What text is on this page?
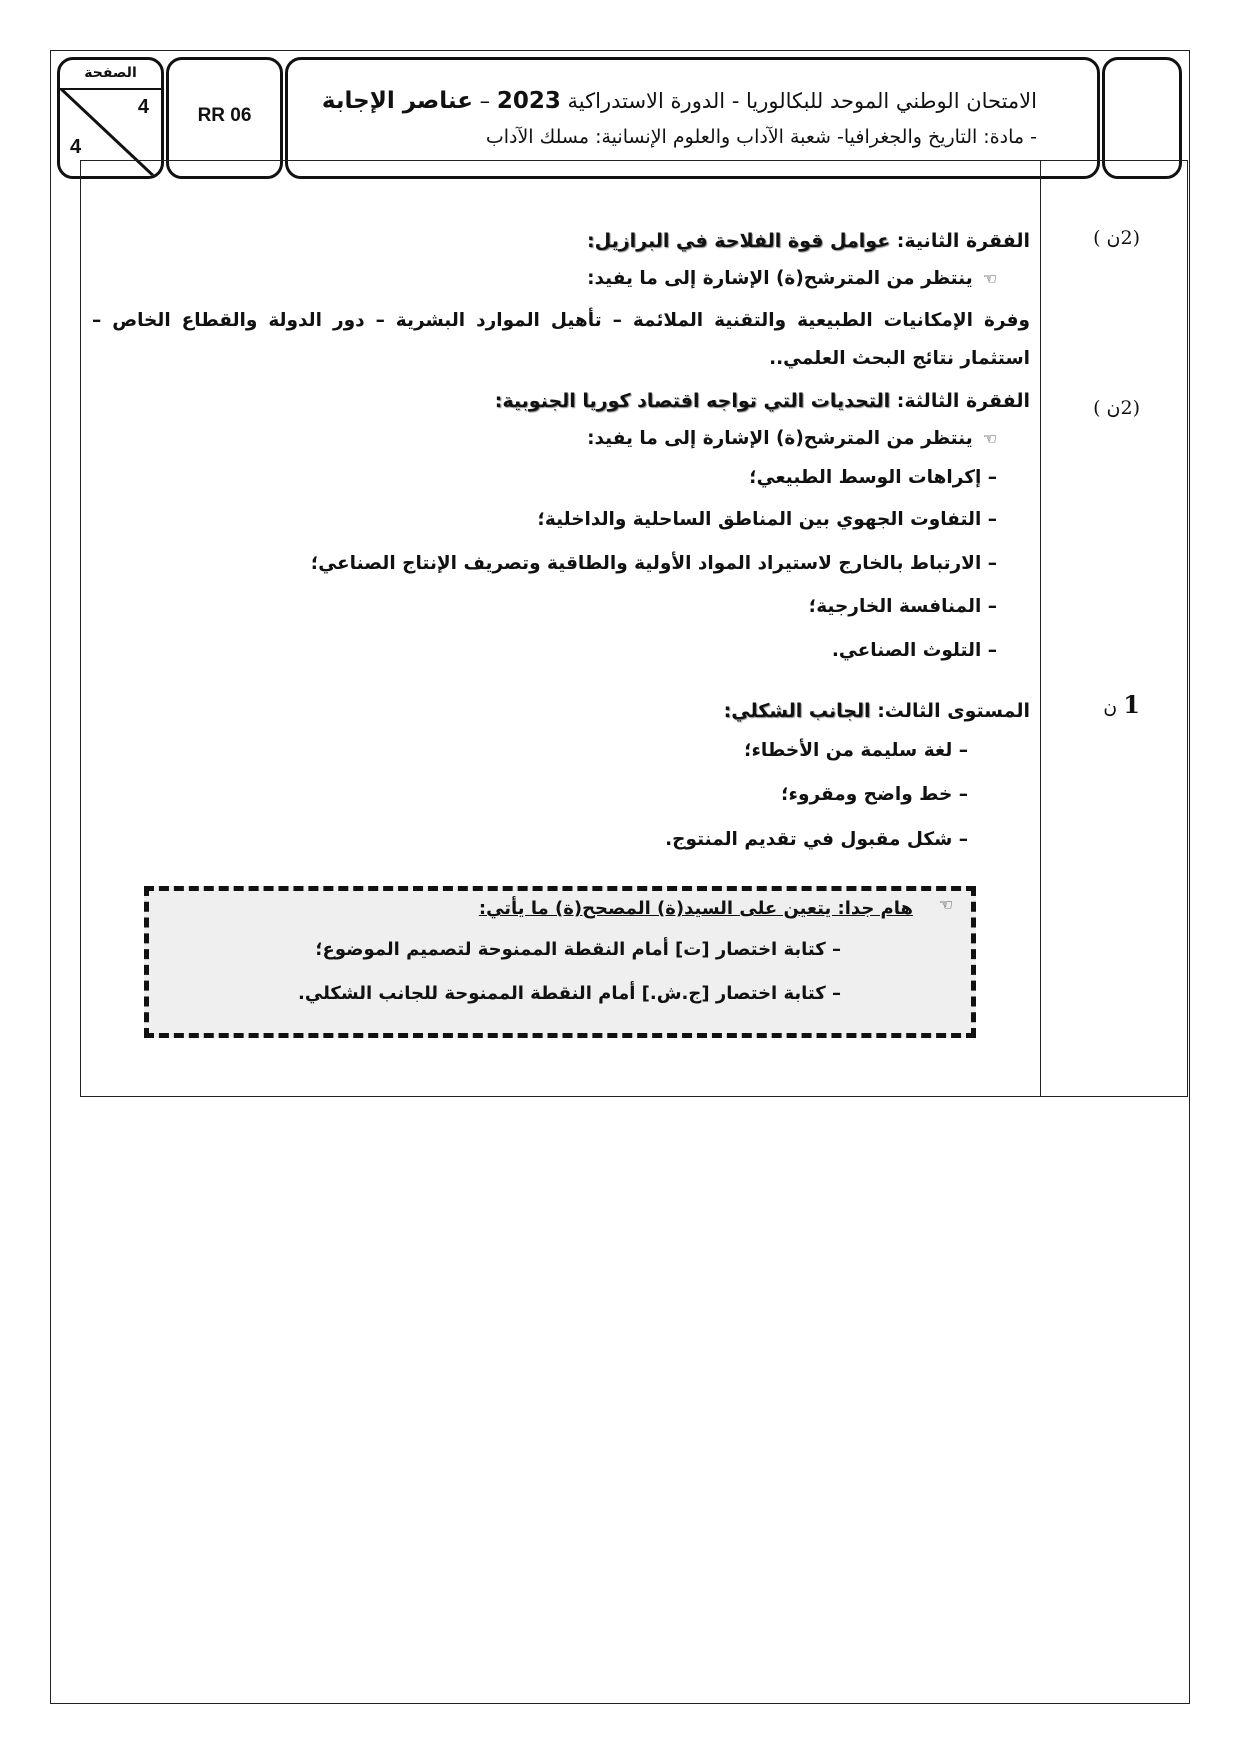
الامتحان الوطني الموحد للبكالوريا - الدورة الاستدراكية 2023 – عناصر الإجابة
- مادة: التاريخ والجغرافيا- شعبة الآداب والعلوم الإنسانية: مسلك الآداب
RR 06
الصفحة
4
4
(2ن )
(2ن )
1 ن
الفقرة الثانية: عوامل قوة الفلاحة في البرازيل:
☜ينتظر من المترشح(ة) الإشارة إلى ما يفيد:
وفرة الإمكانيات الطبيعية والتقنية الملائمة – تأهيل الموارد البشرية – دور الدولة والقطاع الخاص – استثمار نتائج البحث العلمي..
الفقرة الثالثة: التحديات التي تواجه اقتصاد كوريا الجنوبية:
☜ينتظر من المترشح(ة) الإشارة إلى ما يفيد:
– إكراهات الوسط الطبيعي؛
– التفاوت الجهوي بين المناطق الساحلية والداخلية؛
– الارتباط بالخارج لاستيراد المواد الأولية والطاقية وتصريف الإنتاج الصناعي؛
– المنافسة الخارجية؛
– التلوث الصناعي.
المستوى الثالث: الجانب الشكلي:
– لغة سليمة من الأخطاء؛
– خط واضح ومقروء؛
– شكل مقبول في تقديم المنتوج.
☜
هام جدا: يتعين على السيد(ة) المصحح(ة) ما يأتي:
– كتابة اختصار [ت] أمام النقطة الممنوحة لتصميم الموضوع؛
– كتابة اختصار [ج.ش.] أمام النقطة الممنوحة للجانب الشكلي.
